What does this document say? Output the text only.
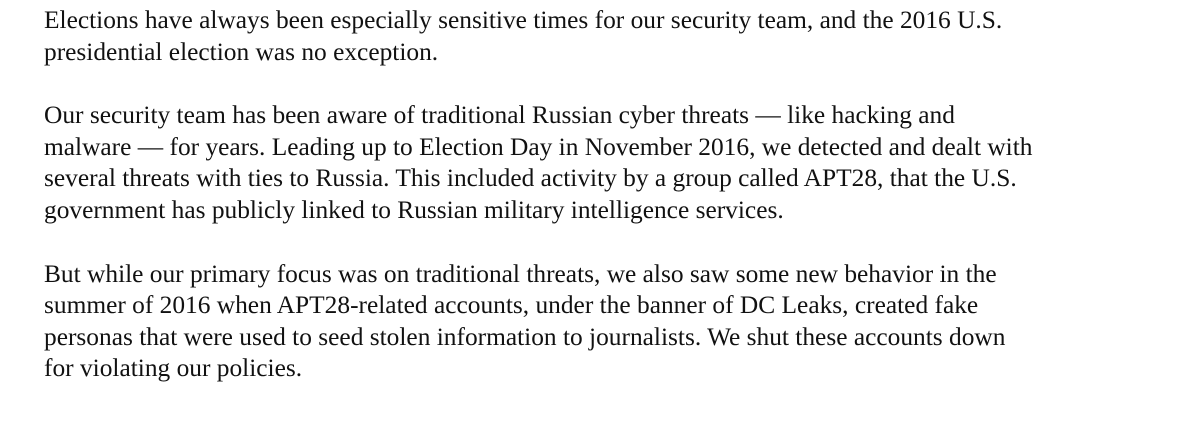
Elections have always been especially sensitive times for our security team, and the 2016 U.S.
presidential election was no exception.

Our security team has been aware of traditional Russian cyber threats — like hacking and
malware — for years. Leading up to Election Day in November 2016, we detected and dealt with
several threats with ties to Russia. This included activity by a group called APT28, that the U.S.
government has publicly linked to Russian military intelligence services.

But while our primary focus was on traditional threats, we also saw some new behavior in the
summer of 2016 when APT28-related accounts, under the banner of DC Leaks, created fake
personas that were used to seed stolen information to journalists. We shut these accounts down
for violating our policies.
